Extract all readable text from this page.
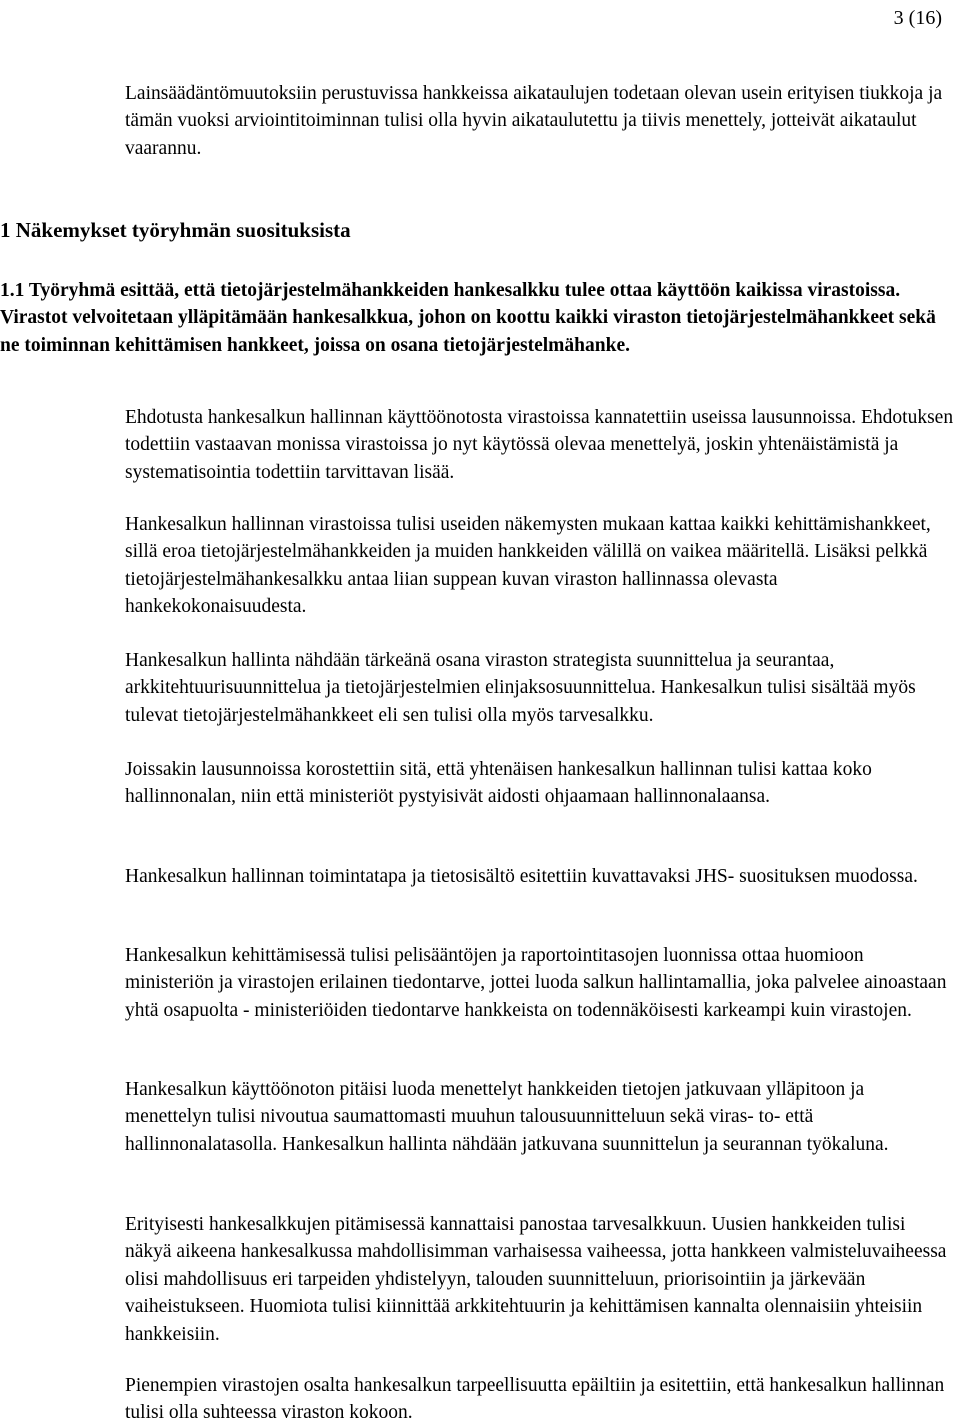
3 (16)

Lainsäädäntömuutoksiin perustuvissa hankkeissa aikataulujen todetaan olevan usein erityisen tiukkoja ja tämän vuoksi arviointitoiminnan tulisi olla hyvin aikataulutettu ja tiivis menettely, jotteivät aikataulut vaarannu.

1 Näkemykset työryhmän suosituksista
1.1 Työryhmä esittää, että tietojärjestelmähankkeiden hankesalkku tulee ottaa käyttöön kaikissa virastoissa. Virastot velvoitetaan ylläpitämään hankesalkkua, johon on koottu kaikki viraston tietojärjestelmähankkeet sekä ne toiminnan kehittämisen hankkeet, joissa on osana tietojärjestelmähanke.

Ehdotusta hankesalkun hallinnan käyttöönotosta virastoissa kannatettiin useissa lausunnoissa. Ehdotuksen todettiin vastaavan monissa virastoissa jo nyt käytössä olevaa menettelyä, joskin yhtenäistämistä ja systematisointia todettiin tarvittavan lisää.

Hankesalkun hallinnan virastoissa tulisi useiden näkemysten mukaan kattaa kaikki kehittämishankkeet, sillä eroa tietojärjestelmähankkeiden ja muiden hankkeiden välillä on vaikea määritellä. Lisäksi pelkkä tietojärjestelmähankesalkku antaa liian suppean kuvan viraston hallinnassa olevasta hankekokonaisuudesta.

Hankesalkun hallinta nähdään tärkeänä osana viraston strategista suunnittelua ja seurantaa, arkkitehtuurisuunnittelua ja tietojärjestelmien elinjaksosuunnittelua. Hankesalkun tulisi sisältää myös tulevat tietojärjestelmähankkeet eli sen tulisi olla myös tarvesalkku.

Joissakin lausunnoissa korostettiin sitä, että yhtenäisen hankesalkun hallinnan tulisi kattaa koko hallinnonalan, niin että ministeriöt pystyisivät aidosti ohjaamaan hallinnonalaansa.

Hankesalkun hallinnan toimintatapa ja tietosisältö esitettiin kuvattavaksi JHS- suosituksen muodossa.

Hankesalkun kehittämisessä tulisi pelisääntöjen ja raportointitasojen luonnissa ottaa huomioon ministeriön ja virastojen erilainen tiedontarve, jottei luoda salkun hallintamallia, joka palvelee ainoastaan yhtä osapuolta - ministeriöiden tiedontarve hankkeista on todennäköisesti karkeampi kuin virastojen.

Hankesalkun käyttöönoton pitäisi luoda menettelyt hankkeiden tietojen jatkuvaan ylläpitoon ja menettelyn tulisi nivoutua saumattomasti muuhun talousuunnitteluun sekä viras- to- että hallinnonalatasolla. Hankesalkun hallinta nähdään jatkuvana suunnittelun ja seurannan työkaluna.

Erityisesti hankesalkkujen pitämisessä kannattaisi panostaa tarvesalkkuun. Uusien hankkeiden tulisi näkyä aikeena hankesalkussa mahdollisimman varhaisessa vaiheessa, jotta hankkeen valmisteluvaiheessa olisi mahdollisuus eri tarpeiden yhdistelyyn, talouden suunnitteluun, priorisointiin ja järkevään vaiheistukseen. Huomiota tulisi kiinnittää arkkitehtuurin ja kehittämisen kannalta olennaisiin yhteisiin hankkeisiin.

Pienempien virastojen osalta hankesalkun tarpeellisuutta epäiltiin ja esitettiin, että hankesalkun hallinnan tulisi olla suhteessa viraston kokoon.
